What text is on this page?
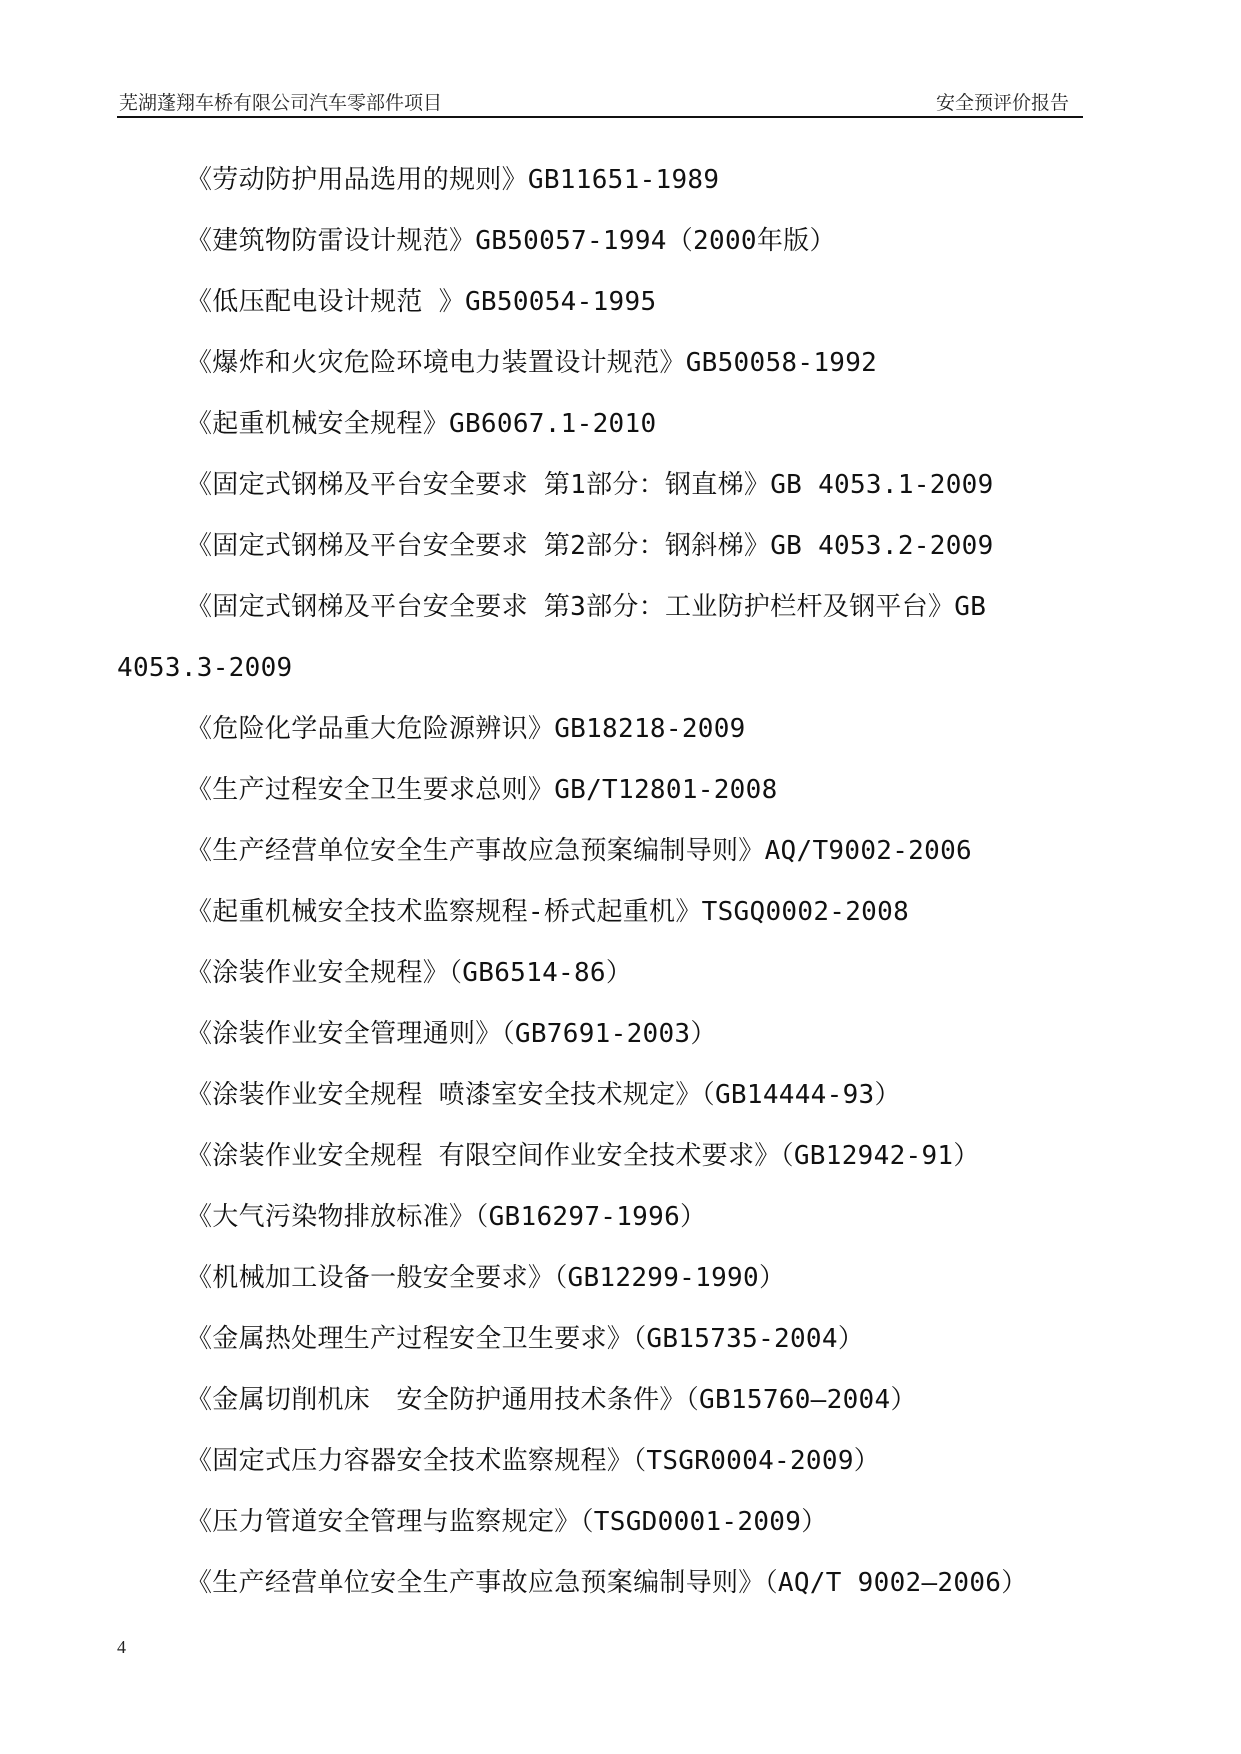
芜湖蓬翔车桥有限公司汽车零部件项目	安全预评价报告

《劳动防护用品选用的规则》GB11651-1989

《建筑物防雷设计规范》GB50057-1994（2000年版）

《低压配电设计规范 》GB50054-1995

《爆炸和火灾危险环境电力装置设计规范》GB50058-1992

《起重机械安全规程》GB6067.1-2010

《固定式钢梯及平台安全要求 第1部分：钢直梯》GB 4053.1-2009

《固定式钢梯及平台安全要求 第2部分：钢斜梯》GB 4053.2-2009

《固定式钢梯及平台安全要求 第3部分：工业防护栏杆及钢平台》GB 4053.3-2009

《危险化学品重大危险源辨识》GB18218-2009

《生产过程安全卫生要求总则》GB/T12801-2008

《生产经营单位安全生产事故应急预案编制导则》AQ/T9002-2006

《起重机械安全技术监察规程-桥式起重机》TSGQ0002-2008

《涂装作业安全规程》（GB6514-86）

《涂装作业安全管理通则》（GB7691-2003）

《涂装作业安全规程 喷漆室安全技术规定》（GB14444-93）

《涂装作业安全规程 有限空间作业安全技术要求》（GB12942-91）

《大气污染物排放标准》（GB16297-1996）

《机械加工设备一般安全要求》（GB12299-1990）

《金属热处理生产过程安全卫生要求》（GB15735-2004）

《金属切削机床　安全防护通用技术条件》（GB15760—2004）

《固定式压力容器安全技术监察规程》（TSGR0004-2009）

《压力管道安全管理与监察规定》（TSGD0001-2009）

《生产经营单位安全生产事故应急预案编制导则》（AQ/T 9002—2006）

4
